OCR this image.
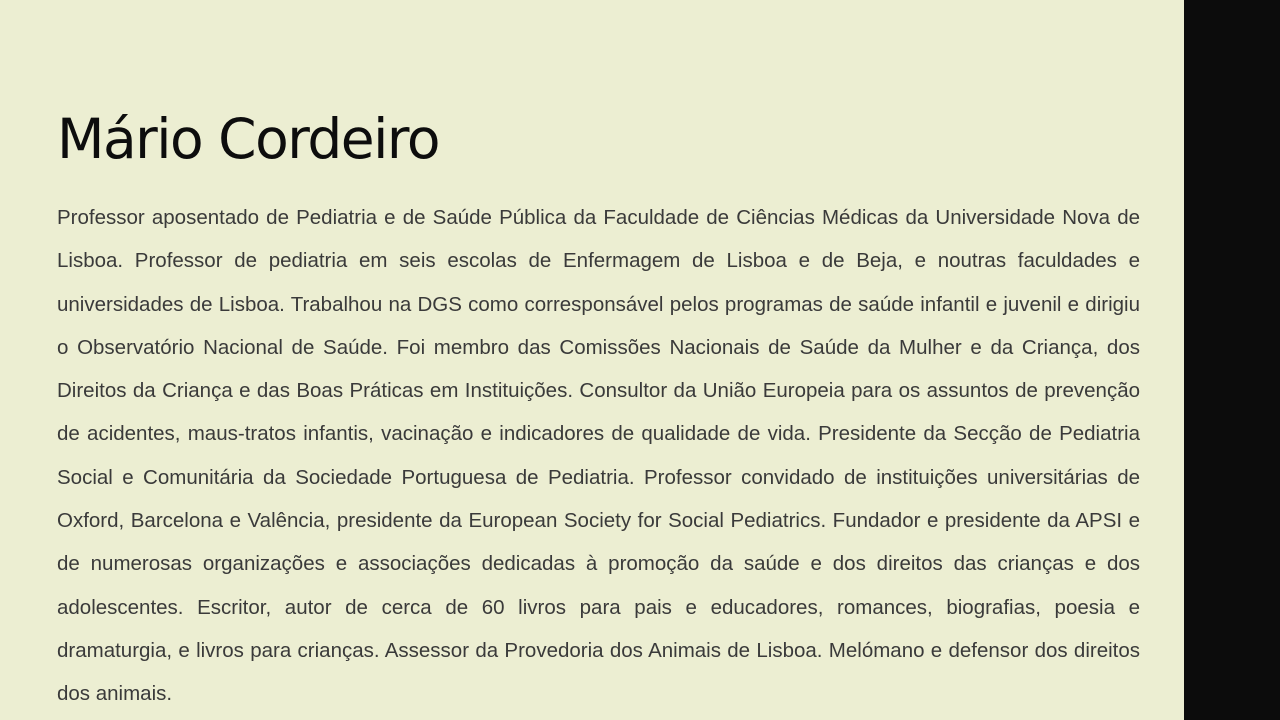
Mário Cordeiro

Professor aposentado de Pediatria e de Saúde Pública da Faculdade de Ciências Médicas da Universidade Nova de Lisboa. Professor de pediatria em seis escolas de Enfermagem de Lisboa e de Beja, e noutras faculdades e universidades de Lisboa. Trabalhou na DGS como corresponsável pelos programas de saúde infantil e juvenil e dirigiu o Observatório Nacional de Saúde. Foi membro das Comissões Nacionais de Saúde da Mulher e da Criança, dos Direitos da Criança e das Boas Práticas em Instituições. Consultor da União Europeia para os assuntos de prevenção de acidentes, maus-tratos infantis, vacinação e indicadores de qualidade de vida. Presidente da Secção de Pediatria Social e Comunitária da Sociedade Portuguesa de Pediatria. Professor convidado de instituições universitárias de Oxford, Barcelona e Valência, presidente da European Society for Social Pediatrics. Fundador e presidente da APSI e de numerosas organizações e associações dedicadas à promoção da saúde e dos direitos das crianças e dos adolescentes. Escritor, autor de cerca de 60 livros para pais e educadores, romances, biografias, poesia e dramaturgia, e livros para crianças. Assessor da Provedoria dos Animais de Lisboa. Melómano e defensor dos direitos dos animais.
